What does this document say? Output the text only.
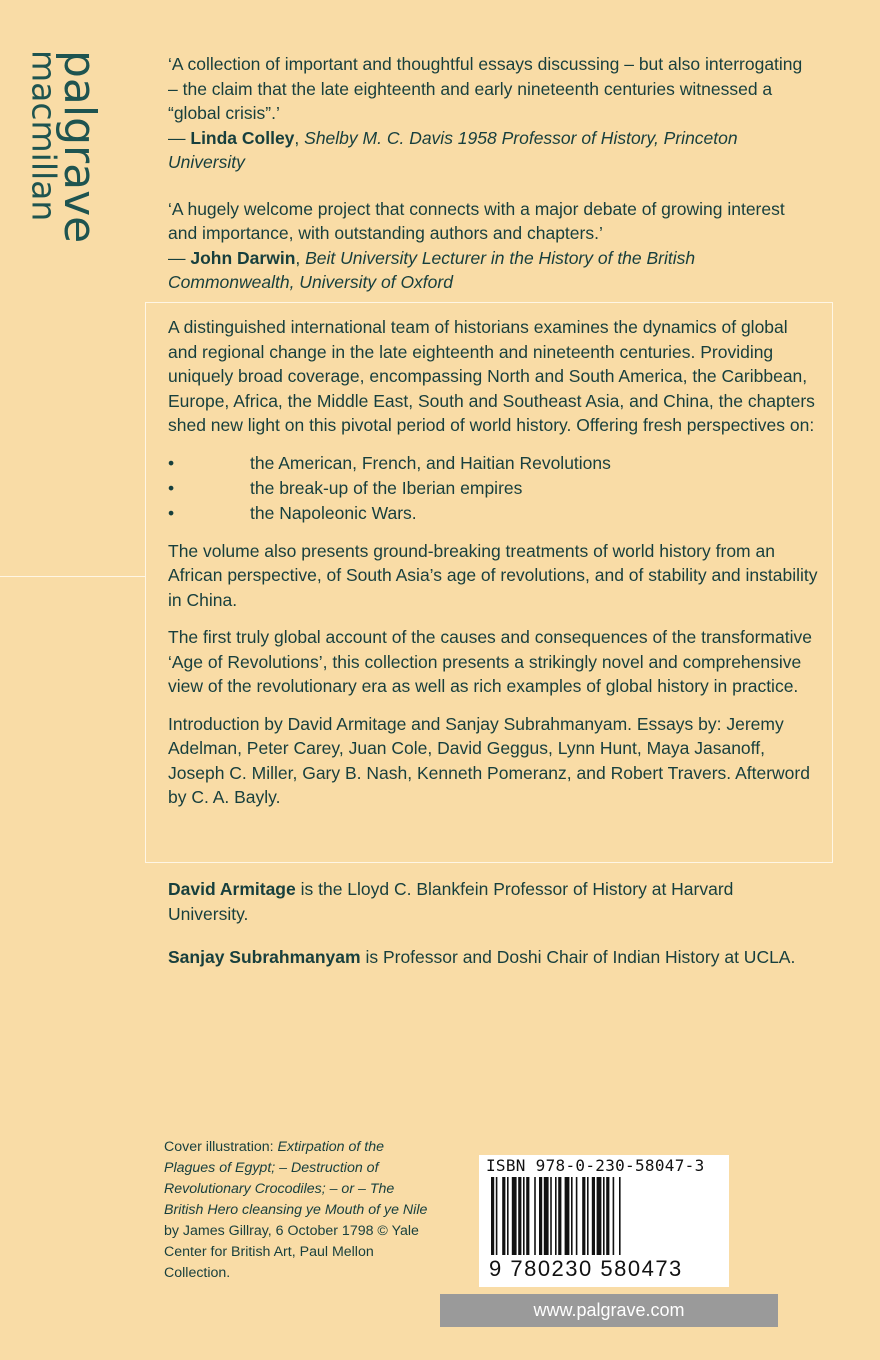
palgrave
macmillan	‘A collection of important and thoughtful essays discussing – but also interrogating – the claim that the late eighteenth and early nineteenth centuries witnessed a “global crisis”.’
— Linda Colley, Shelby M. C. Davis 1958 Professor of History, Princeton University

‘A hugely welcome project that connects with a major debate of growing interest and importance, with outstanding authors and chapters.’
— John Darwin, Beit University Lecturer in the History of the British Commonwealth, University of Oxford

A distinguished international team of historians examines the dynamics of global and regional change in the late eighteenth and nineteenth centuries. Providing uniquely broad coverage, encompassing North and South America, the Caribbean, Europe, Africa, the Middle East, South and Southeast Asia, and China, the chapters shed new light on this pivotal period of world history. Offering fresh perspectives on:

•	the American, French, and Haitian Revolutions
•	the break-up of the Iberian empires
•	the Napoleonic Wars.

The volume also presents ground-breaking treatments of world history from an African perspective, of South Asia’s age of revolutions, and of stability and instability in China.

The first truly global account of the causes and consequences of the transformative ‘Age of Revolutions’, this collection presents a strikingly novel and comprehensive view of the revolutionary era as well as rich examples of global history in practice.

Introduction by David Armitage and Sanjay Subrahmanyam. Essays by: Jeremy Adelman, Peter Carey, Juan Cole, David Geggus, Lynn Hunt, Maya Jasanoff, Joseph C. Miller, Gary B. Nash, Kenneth Pomeranz, and Robert Travers. Afterword by C. A. Bayly.

David Armitage is the Lloyd C. Blankfein Professor of History at Harvard University.

Sanjay Subrahmanyam is Professor and Doshi Chair of Indian History at UCLA.

Cover illustration: Extirpation of the Plagues of Egypt; – Destruction of Revolutionary Crocodiles; – or – The British Hero cleansing ye Mouth of ye Nile by James Gillray, 6 October 1798 © Yale Center for British Art, Paul Mellon Collection.
ISBN 978-0-230-58047-3
9 780230 580473
www.palgrave.com
